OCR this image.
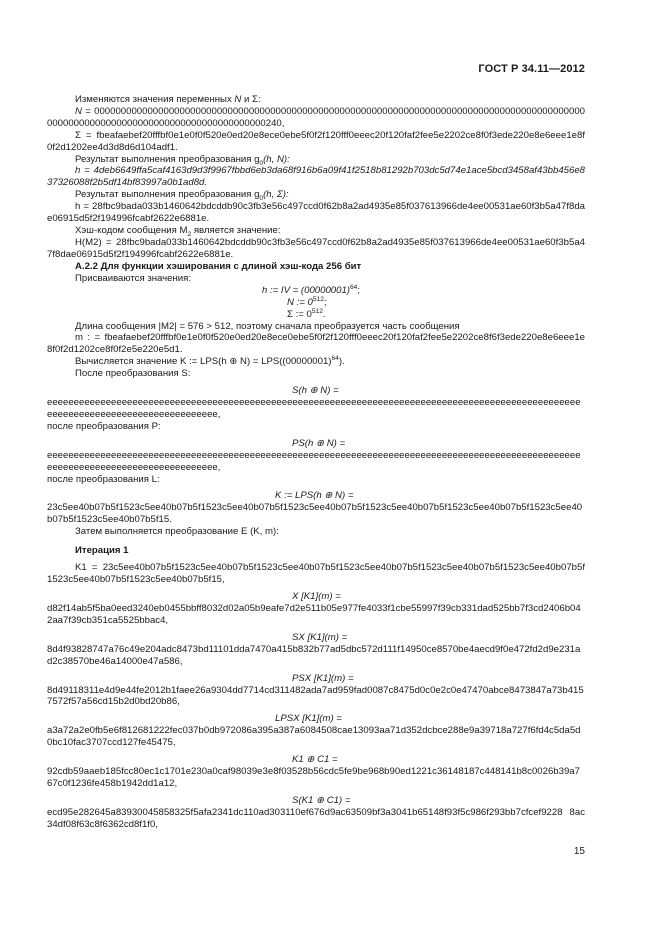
ГОСТ Р 34.11—2012

Изменяются значения переменных N и Σ:

N = 0000000000000000000000000000000000000000000000000000000000000000000000000000000000000000000000000000000000000000000000000000000000000240,

Σ = fbeafaebef20fffbf0e1e0f0f520e0ed20e8ece0ebe5f0f2f120fff0eeec20f120faf2fee5e2202ce8f0f3ede220e8e6eee1e8f0f2d1202ee4d3d8d6d104adf1.

Результат выполнения преобразования $g_0(h$, N):

h = 4deb6649ffa5caf4163d9d3f9967fbbd6eb3da68f916b6a09f41f2518b81292b703dc5d74e1ace5bcd3458af43bb456e837326088f2b5df14bf83997a0b1ad8d.

Результат выполнения преобразования $g_0(h$, Σ):

h = 28fbc9bada033b1460642bdcddb90c3fb3e56c497ccd0f62b8a2ad4935e85f037613966de4ee00531ae60f3b5a47f8dae06915d5f2f194996fcabf2622e6881e.

Хэш-кодом сообщения $M_2$ является значение:

H(M2) = 28fbc9bada033b1460642bdcddb90c3fb3e56c497ccd0f62b8a2ad4935e85f037613966de4ee00531ae60f3b5a47f8dae06915d5f2f194996fcabf2622e6881e.

A.2.2 Для функции хэширования с длиной хэш-кода 256 бит

Присваиваются значения:

h := IV = $(00000001)^{64}$;

N := $0^{512}$;

Σ := $0^{512}$.

Длина сообщения |M2| = 576 > 512, поэтому сначала преобразуется часть сообщения

m : = fbeafaebef20fffbf0e1e0f0f520e0ed20e8ece0ebe5f0f2f120fff0eeec20f120faf2fee5e2202ce8f6f3ede220e8e6eee1e8f0f2d1202ce8f0f2e5e220e5d1.

Вычисляется значение K := LPS(h ⊕ $N) = LPS((00000001)^{64})$.

После преобразования S:

S(h ⊕ N) =

eeeeeeeeeeeeeeeeeeeeeeeeeeeeeeeeeeeeeeeeeeeeeeeeeeeeeeeeeeeeeeeeeeeeeeeeeeeeeeeeeeeeeeeeeeeeeeeeeeeeeeeeeeeeeeeeeeeeeeeeeeeeeeeeeeee,

после преобразования P:

PS(h ⊕ N) =

eeeeeeeeeeeeeeeeeeeeeeeeeeeeeeeeeeeeeeeeeeeeeeeeeeeeeeeeeeeeeeeeeeeeeeeeeeeeeeeeeeeeeeeeeeeeeeeeeeeeeeeeeeeeeeeeeeeeeeeeeeeeeeeeeeee,

после преобразования L:

K := LPS(h ⊕ N) =

23c5ee40b07b5f1523c5ee40b07b5f1523c5ee40b07b5f1523c5ee40b07b5f1523c5ee40b07b5f1523c5ee40b07b5f1523c5ee40b07b5f1523c5ee40b07b5f15.

Затем выполняется преобразование E (K, m):

Итерация 1

K1 = 23c5ee40b07b5f1523c5ee40b07b5f1523c5ee40b07b5f1523c5ee40b07b5f1523c5ee40b07b5f1523c5ee40b07b5f1523c5ee40b07b5f1523c5ee40b07b5f15,

X [K1](m) =

d82f14ab5f5ba0eed3240eb0455bbff8032d02a05b9eafe7d2e511b05e977fe4033f1cbe55997f39cb331dad525bb7f3cd2406b042aa7f39cb351ca5525bbac4,

SX [K1](m) =

8d4f93828747a76c49e204adc8473bd11101dda7470a415b832b77ad5dbc572d111f14950ce8570be4aecd9f0e472fd2d9e231ad2c38570be46a14000e47a586,

PSX [K1](m) =

8d49118311e4d9e44fe2012b1faee26a9304dd7714cd311482ada7ad959fad0087c8475d0c0e2c0e47470abce8473847a73b4157572f57a56cd15b2d0bd20b86,

LPSX [K1](m) =

a3a72a2e0fb5e6f812681222fec037b0db972086a395a387a6084508cae13093aa71d352dcbce288e9a39718a727f6fd4c5da5d0bc10fac3707ccd127fe45475,

K1 ⊕ C1 =

92cdb59aaeb185fcc80ec1c1701e230a0caf98039e3e8f03528b56cdc5fe9be968b90ed1221c36148187c448141b8c0026b39a767c0f1236fe458b1942dd1a12,

S(K1 ⊕ C1) =

ecd95e282645a83930045858325f5afa2341dc110ad303110ef676d9ac63509bf3a3041b65148f93f5c986f293bb7cfcef9228 8ac34df08f63c8f6362cd8f1f0,

15
